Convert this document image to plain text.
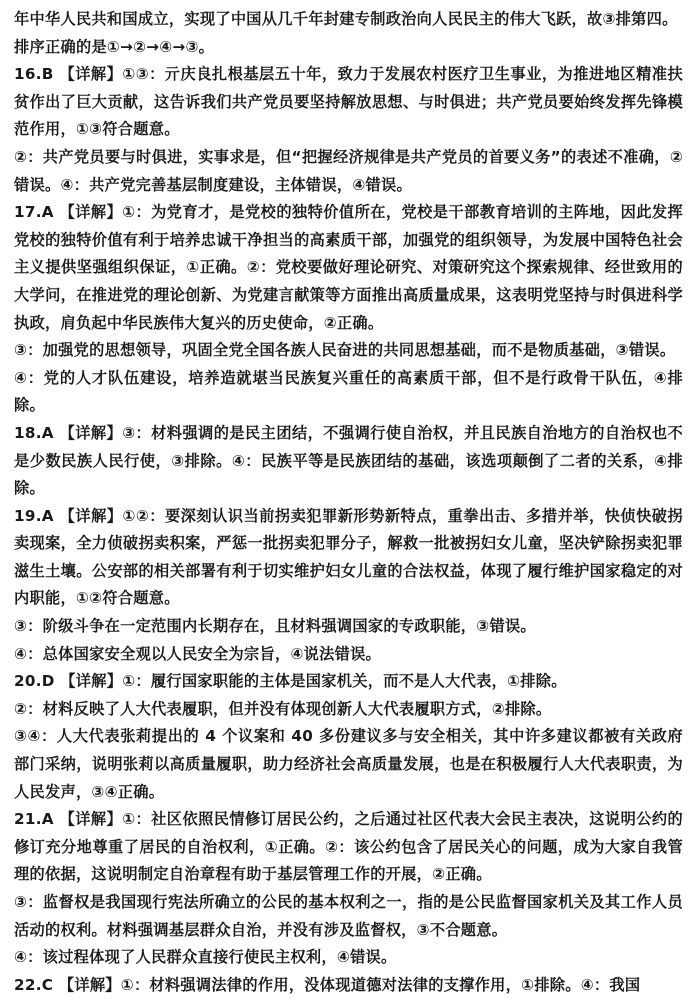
年中华人民共和国成立，实现了中国从几千年封建专制政治向人民民主的伟大飞跃，故③排第四。

排序正确的是①→②→④→③。

16.B 【详解】①③：亓庆良扎根基层五十年，致力于发展农村医疗卫生事业，为推进地区精准扶贫作出了巨大贡献，这告诉我们共产党员要坚持解放思想、与时俱进；共产党员要始终发挥先锋模范作用，①③符合题意。

②：共产党员要与时俱进，实事求是，但“把握经济规律是共产党员的首要义务”的表述不准确，②错误。④：共产党完善基层制度建设，主体错误，④错误。

17.A 【详解】①：为党育才，是党校的独特价值所在，党校是干部教育培训的主阵地，因此发挥党校的独特价值有利于培养忠诚干净担当的高素质干部，加强党的组织领导，为发展中国特色社会主义提供坚强组织保证，①正确。②：党校要做好理论研究、对策研究这个探索规律、经世致用的大学问，在推进党的理论创新、为党建言献策等方面推出高质量成果，这表明党坚持与时俱进科学执政，肩负起中华民族伟大复兴的历史使命，②正确。

③：加强党的思想领导，巩固全党全国各族人民奋进的共同思想基础，而不是物质基础，③错误。

④：党的人才队伍建设，培养造就堪当民族复兴重任的高素质干部，但不是行政骨干队伍，④排除。

18.A 【详解】③：材料强调的是民主团结，不强调行使自治权，并且民族自治地方的自治权也不是少数民族人民行使，③排除。④：民族平等是民族团结的基础，该选项颠倒了二者的关系，④排除。

19.A 【详解】①②：要深刻认识当前拐卖犯罪新形势新特点，重拳出击、多措并举，快侦快破拐卖现案，全力侦破拐卖积案，严惩一批拐卖犯罪分子，解救一批被拐妇女儿童，坚决铲除拐卖犯罪滋生土壤。公安部的相关部署有利于切实维护妇女儿童的合法权益，体现了履行维护国家稳定的对内职能，①②符合题意。

③：阶级斗争在一定范围内长期存在，且材料强调国家的专政职能，③错误。

④：总体国家安全观以人民安全为宗旨，④说法错误。

20.D 【详解】①：履行国家职能的主体是国家机关，而不是人大代表，①排除。

②：材料反映了人大代表履职，但并没有体现创新人大代表履职方式，②排除。

③④：人大代表张莉提出的 4 个议案和 40 多份建议多与安全相关，其中许多建议都被有关政府部门采纳，说明张莉以高质量履职，助力经济社会高质量发展，也是在积极履行人大代表职责，为人民发声，③④正确。

21.A 【详解】①：社区依照民情修订居民公约，之后通过社区代表大会民主表决，这说明公约的修订充分地尊重了居民的自治权利，①正确。②：该公约包含了居民关心的问题，成为大家自我管理的依据，这说明制定自治章程有助于基层管理工作的开展，②正确。

③：监督权是我国现行宪法所确立的公民的基本权利之一，指的是公民监督国家机关及其工作人员活动的权利。材料强调基层群众自治，并没有涉及监督权，③不合题意。

④：该过程体现了人民群众直接行使民主权利，④错误。

22.C 【详解】①：材料强调法律的作用，没体现道德对法律的支撑作用，①排除。④：我国
